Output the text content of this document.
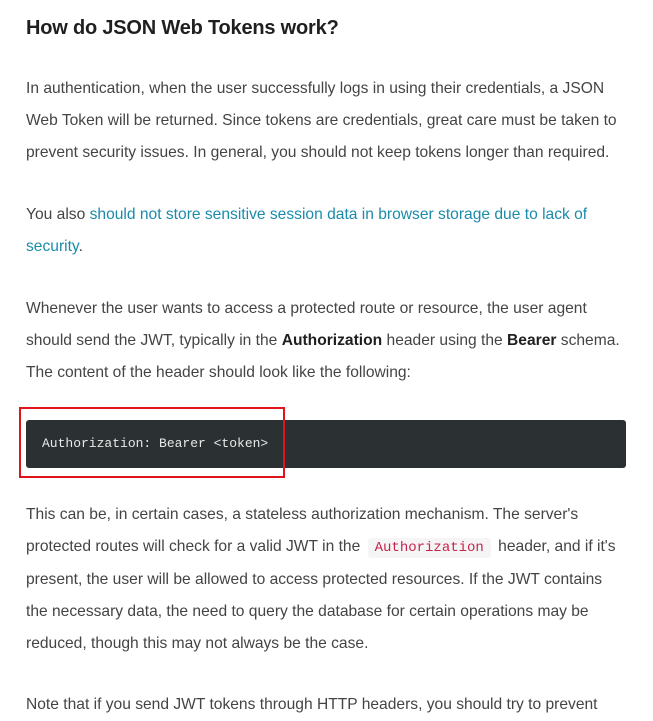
How do JSON Web Tokens work?

In authentication, when the user successfully logs in using their credentials, a JSON Web Token will be returned. Since tokens are credentials, great care must be taken to prevent security issues. In general, you should not keep tokens longer than required.

You also should not store sensitive session data in browser storage due to lack of security.

Whenever the user wants to access a protected route or resource, the user agent should send the JWT, typically in the Authorization header using the Bearer schema. The content of the header should look like the following:

Authorization: Bearer <token>

This can be, in certain cases, a stateless authorization mechanism. The server's protected routes will check for a valid JWT in the Authorization header, and if it's present, the user will be allowed to access protected resources. If the JWT contains the necessary data, the need to query the database for certain operations may be reduced, though this may not always be the case.

Note that if you send JWT tokens through HTTP headers, you should try to prevent
